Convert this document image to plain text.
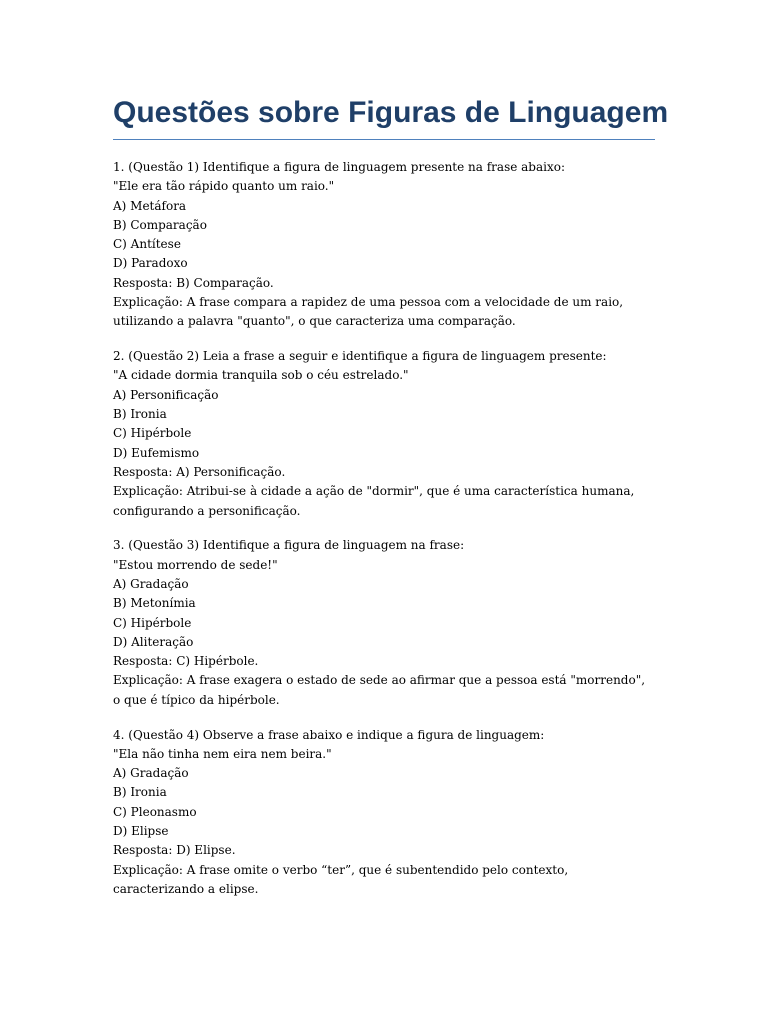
Questões sobre Figuras de Linguagem

1. (Questão 1) Identifique a figura de linguagem presente na frase abaixo:

"Ele era tão rápido quanto um raio."

A) Metáfora

B) Comparação

C) Antítese

D) Paradoxo

Resposta: B) Comparação.

Explicação: A frase compara a rapidez de uma pessoa com a velocidade de um raio, utilizando a palavra "quanto", o que caracteriza uma comparação.

2. (Questão 2) Leia a frase a seguir e identifique a figura de linguagem presente:

"A cidade dormia tranquila sob o céu estrelado."

A) Personificação

B) Ironia

C) Hipérbole

D) Eufemismo

Resposta: A) Personificação.

Explicação: Atribui-se à cidade a ação de "dormir", que é uma característica humana, configurando a personificação.

3. (Questão 3) Identifique a figura de linguagem na frase:

"Estou morrendo de sede!"

A) Gradação

B) Metonímia

C) Hipérbole

D) Aliteração

Resposta: C) Hipérbole.

Explicação: A frase exagera o estado de sede ao afirmar que a pessoa está "morrendo", o que é típico da hipérbole.

4. (Questão 4) Observe a frase abaixo e indique a figura de linguagem:

"Ela não tinha nem eira nem beira."

A) Gradação

B) Ironia

C) Pleonasmo

D) Elipse

Resposta: D) Elipse.

Explicação: A frase omite o verbo “ter”, que é subentendido pelo contexto, caracterizando a elipse.
